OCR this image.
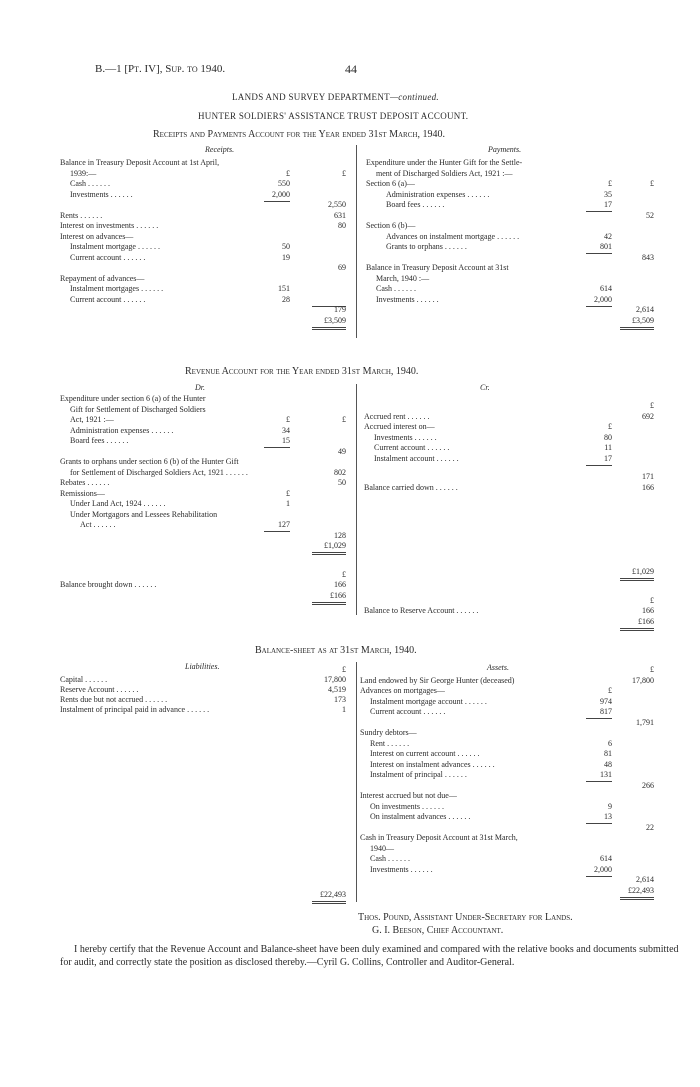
B.—1 [Pt. IV], Sup. to 1940.	44
LANDS AND SURVEY DEPARTMENT—continued.
HUNTER SOLDIERS' ASSISTANCE TRUST DEPOSIT ACCOUNT.
Receipts and Payments Account for the Year ended 31st March, 1940.
Receipts.	Payments.
Balance in Treasury Deposit Account at 1st April,
1939:—	£	£
Cash . . . . . .	550
Investments . . . . . .	2,000
2,550
Rents . . . . . .	631
Interest on investments . . . . . .	80
Interest on advances—
Instalment mortgage . . . . . .	50
Current account . . . . . .	19
69
Repayment of advances—
Instalment mortgages . . . . . .	151
Current account . . . . . .	28
179
£3,509
Expenditure under the Hunter Gift for the Settle-
ment of Discharged Soldiers Act, 1921 :—
Section 6 (a)—	£	£
Administration expenses . . . . . .	35
Board fees . . . . . .	17
52
Section 6 (b)—
Advances on instalment mortgage . . . . . .	42
Grants to orphans . . . . . .	801
843
Balance in Treasury Deposit Account at 31st
March, 1940 :—
Cash . . . . . .	614
Investments . . . . . .	2,000
2,614
£3,509
Revenue Account for the Year ended 31st March, 1940.
Dr.	Cr.
Expenditure under section 6 (a) of the Hunter
Gift for Settlement of Discharged Soldiers
Act, 1921 :—	£	£
Administration expenses . . . . . .	34
Board fees . . . . . .	15
49
Grants to orphans under section 6 (b) of the Hunter Gift
for Settlement of Discharged Soldiers Act, 1921 . . . . . .	802
Rebates . . . . . .	50
Remissions—	£
Under Land Act, 1924 . . . . . .	1
Under Mortgagors and Lessees Rehabilitation
Act . . . . . .	127
128
£1,029
£
Balance brought down . . . . . .	166
£166
£
Accrued rent . . . . . .	692
Accrued interest on—	£
Investments . . . . . .	80
Current account . . . . . .	11
Instalment account . . . . . .	17
171
Balance carried down . . . . . .	166
£1,029
£
Balance to Reserve Account . . . . . .	166
£166
Balance-sheet as at 31st March, 1940.
Liabilities.	Assets.
£
Capital . . . . . .	17,800
Reserve Account . . . . . .	4,519
Rents due but not accrued . . . . . .	173
Instalment of principal paid in advance . . . . . .	1
£22,493
£
Land endowed by Sir George Hunter (deceased)	17,800
Advances on mortgages—	£
Instalment mortgage account . . . . . .	974
Current account . . . . . .	817
1,791
Sundry debtors—
Rent . . . . . .	6
Interest on current account . . . . . .	81
Interest on instalment advances . . . . . .	48
Instalment of principal . . . . . .	131
266
Interest accrued but not due—
On investments . . . . . .	9
On instalment advances . . . . . .	13
22
Cash in Treasury Deposit Account at 31st March,
1940—
Cash . . . . . .	614
Investments . . . . . .	2,000
2,614
£22,493
Thos. Pound, Assistant Under-Secretary for Lands.
G. I. Beeson, Chief Accountant.
I hereby certify that the Revenue Account and Balance-sheet have been duly examined and compared with the relative books and documents submitted for audit, and correctly state the position as disclosed thereby.—Cyril G. Collins, Controller and Auditor-General.
